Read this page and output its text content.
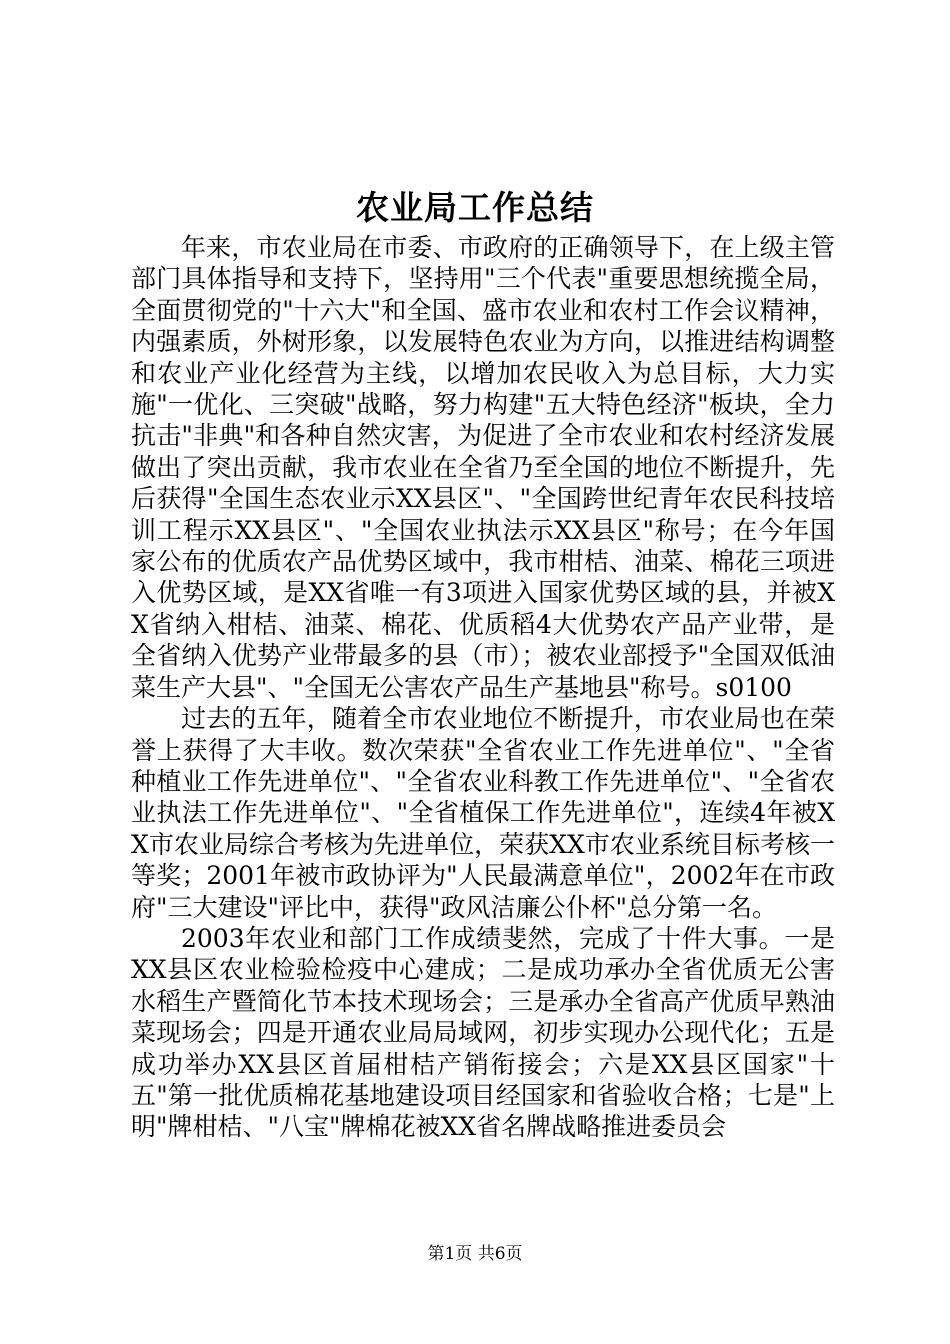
农业局工作总结

年来，市农业局在市委、市政府的正确领导下，在上级主管部门具体指导和支持下，坚持用"三个代表"重要思想统揽全局，全面贯彻党的"十六大"和全国、盛市农业和农村工作会议精神，内强素质，外树形象，以发展特色农业为方向，以推进结构调整和农业产业化经营为主线，以增加农民收入为总目标，大力实施"一优化、三突破"战略，努力构建"五大特色经济"板块，全力抗击"非典"和各种自然灾害，为促进了全市农业和农村经济发展做出了突出贡献，我市农业在全省乃至全国的地位不断提升，先后获得"全国生态农业示XX县区"、"全国跨世纪青年农民科技培训工程示XX县区"、"全国农业执法示XX县区"称号；在今年国家公布的优质农产品优势区域中，我市柑桔、油菜、棉花三项进入优势区域，是XX省唯一有3项进入国家优势区域的县，并被XX省纳入柑桔、油菜、棉花、优质稻4大优势农产品产业带，是全省纳入优势产业带最多的县（市）；被农业部授予"全国双低油菜生产大县"、"全国无公害农产品生产基地县"称号。s0100

过去的五年，随着全市农业地位不断提升，市农业局也在荣誉上获得了大丰收。数次荣获"全省农业工作先进单位"、"全省种植业工作先进单位"、"全省农业科教工作先进单位"、"全省农业执法工作先进单位"、"全省植保工作先进单位"，连续4年被XX市农业局综合考核为先进单位，荣获XX市农业系统目标考核一等奖；2001年被市政协评为"人民最满意单位"，2002年在市政府"三大建设"评比中，获得"政风洁廉公仆杯"总分第一名。

2003年农业和部门工作成绩斐然，完成了十件大事。一是XX县区农业检验检疫中心建成；二是成功承办全省优质无公害水稻生产暨简化节本技术现场会；三是承办全省高产优质早熟油菜现场会；四是开通农业局局域网，初步实现办公现代化；五是成功举办XX县区首届柑桔产销衔接会；六是XX县区国家"十五"第一批优质棉花基地建设项目经国家和省验收合格；七是"上明"牌柑桔、"八宝"牌棉花被XX省名牌战略推进委员会

第1页 共6页
